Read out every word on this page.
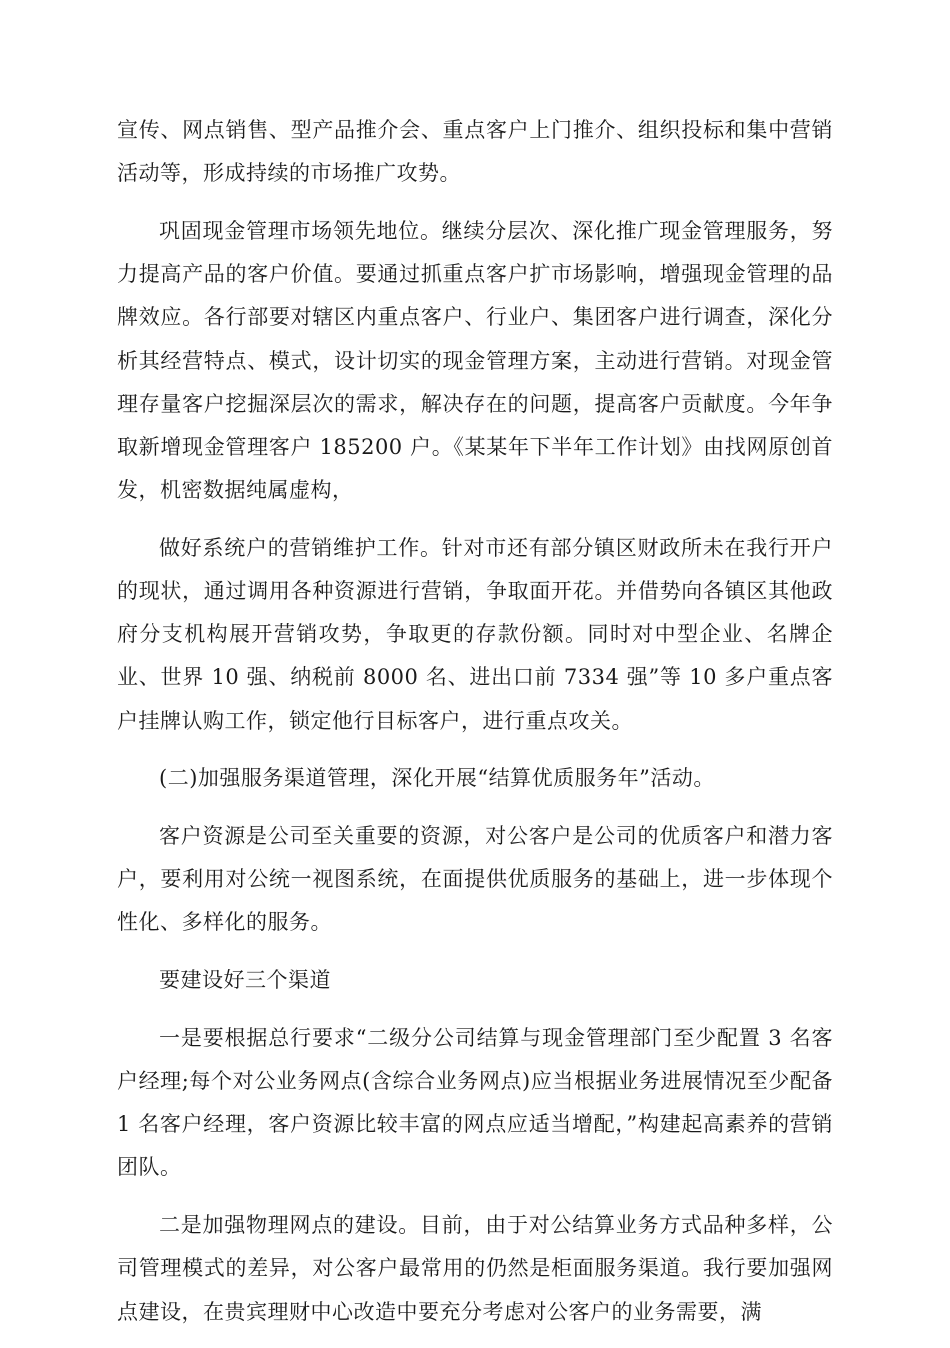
宣传、网点销售、型产品推介会、重点客户上门推介、组织投标和集中营销活动等，形成持续的市场推广攻势。

巩固现金管理市场领先地位。继续分层次、深化推广现金管理服务，努力提高产品的客户价值。要通过抓重点客户扩市场影响，增强现金管理的品牌效应。各行部要对辖区内重点客户、行业户、集团客户进行调查，深化分析其经营特点、模式，设计切实的现金管理方案，主动进行营销。对现金管理存量客户挖掘深层次的需求，解决存在的问题，提高客户贡献度。今年争取新增现金管理客户 185200 户。《某某年下半年工作计划》由找网原创首发，机密数据纯属虚构，

做好系统户的营销维护工作。针对市还有部分镇区财政所未在我行开户的现状，通过调用各种资源进行营销，争取面开花。并借势向各镇区其他政府分支机构展开营销攻势，争取更的存款份额。同时对中型企业、名牌企业、世界 10 强、纳税前 8000 名、进出口前 7334 强”等 10 多户重点客户挂牌认购工作，锁定他行目标客户，进行重点攻关。

(二)加强服务渠道管理，深化开展“结算优质服务年”活动。

客户资源是公司至关重要的资源，对公客户是公司的优质客户和潜力客户，要利用对公统一视图系统，在面提供优质服务的基础上，进一步体现个性化、多样化的服务。

要建设好三个渠道

一是要根据总行要求“二级分公司结算与现金管理部门至少配置 3 名客户经理;每个对公业务网点(含综合业务网点)应当根据业务进展情况至少配备 1 名客户经理，客户资源比较丰富的网点应适当增配，”构建起高素养的营销团队。

二是加强物理网点的建设。目前，由于对公结算业务方式品种多样，公司管理模式的差异，对公客户最常用的仍然是柜面服务渠道。我行要加强网点建设，在贵宾理财中心改造中要充分考虑对公客户的业务需要，满
